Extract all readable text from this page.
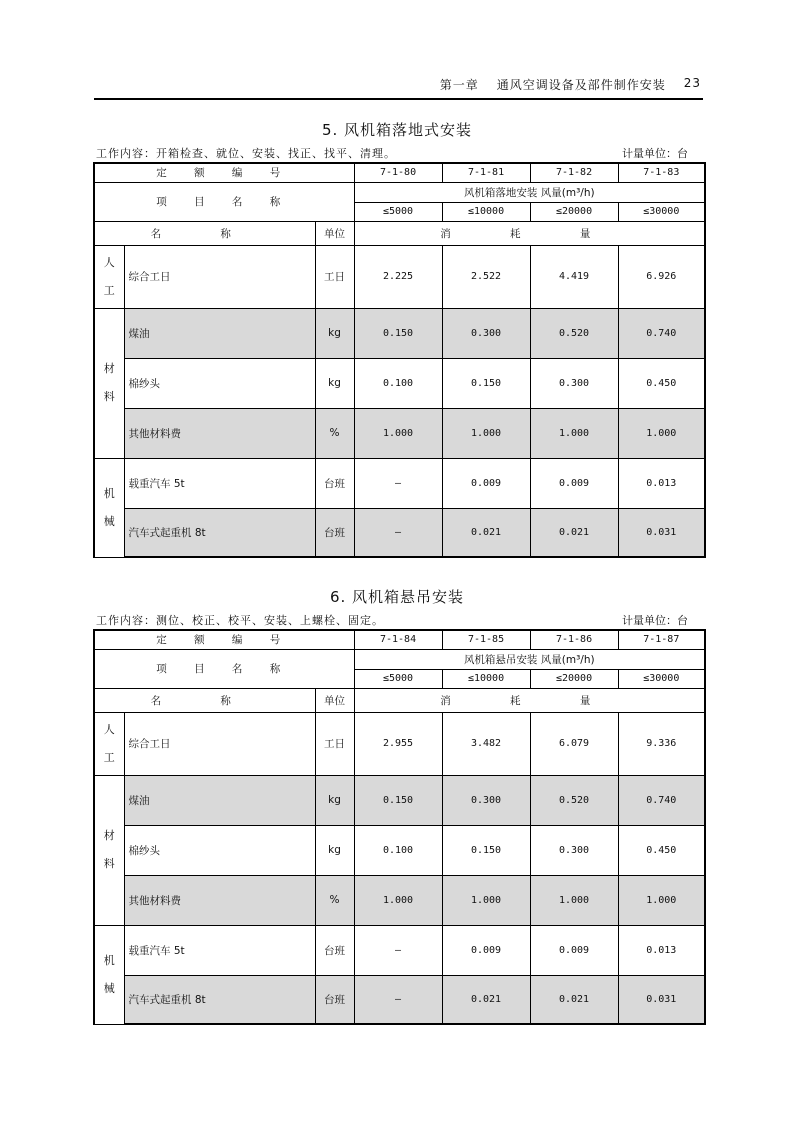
第一章 通风空调设备及部件制作安装 23
5. 风机箱落地式安装
工作内容：开箱检查、就位、安装、找正、找平、清理。	计量单位：台
定 额 编 号			7-1-80	7-1-81	7-1-82	7-1-83
项 目 名 称			风机箱落地安装 风量(m³/h)			
			≤5000	≤10000	≤20000	≤30000
名 称		单位	消 耗 量			

人
工	综合工日	工日	2.225	2.522	4.419	6.926

材
料	煤油	kg	0.150	0.300	0.520	0.740
	棉纱头	kg	0.100	0.150	0.300	0.450
	其他材料费	%	1.000	1.000	1.000	1.000

机
械	载重汽车 5t	台班	—	0.009	0.009	0.013
	汽车式起重机 8t	台班	—	0.021	0.021	0.031
6. 风机箱悬吊安装
工作内容：测位、校正、校平、安装、上螺栓、固定。	计量单位：台
定 额 编 号			7-1-84	7-1-85	7-1-86	7-1-87
项 目 名 称			风机箱悬吊安装 风量(m³/h)			
			≤5000	≤10000	≤20000	≤30000
名 称		单位	消 耗 量			

人
工	综合工日	工日	2.955	3.482	6.079	9.336

材
料	煤油	kg	0.150	0.300	0.520	0.740
	棉纱头	kg	0.100	0.150	0.300	0.450
	其他材料费	%	1.000	1.000	1.000	1.000

机
械	载重汽车 5t	台班	—	0.009	0.009	0.013
	汽车式起重机 8t	台班	—	0.021	0.021	0.031
